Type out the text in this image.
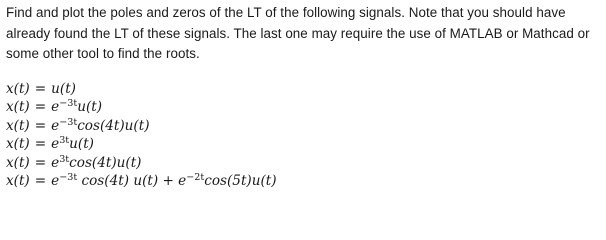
Find and plot the poles and zeros of the LT of the following signals. Note that you should have
already found the LT of these signals. The last one may require the use of MATLAB or Mathcad or
some other tool to find the roots.
x(t) = u(t)
$x(t) = e^{-3t}u(t)$
$x(t) = e^{-3t}\cos(4t)u(t)$
$x(t) = e^{3t}u(t)$
$x(t) = e^{3t}\cos(4t)u(t)$
$x(t) = e^{-3t}$ cos(4t) $u(t) + e^{-2t}\cos(5t)u(t)$
